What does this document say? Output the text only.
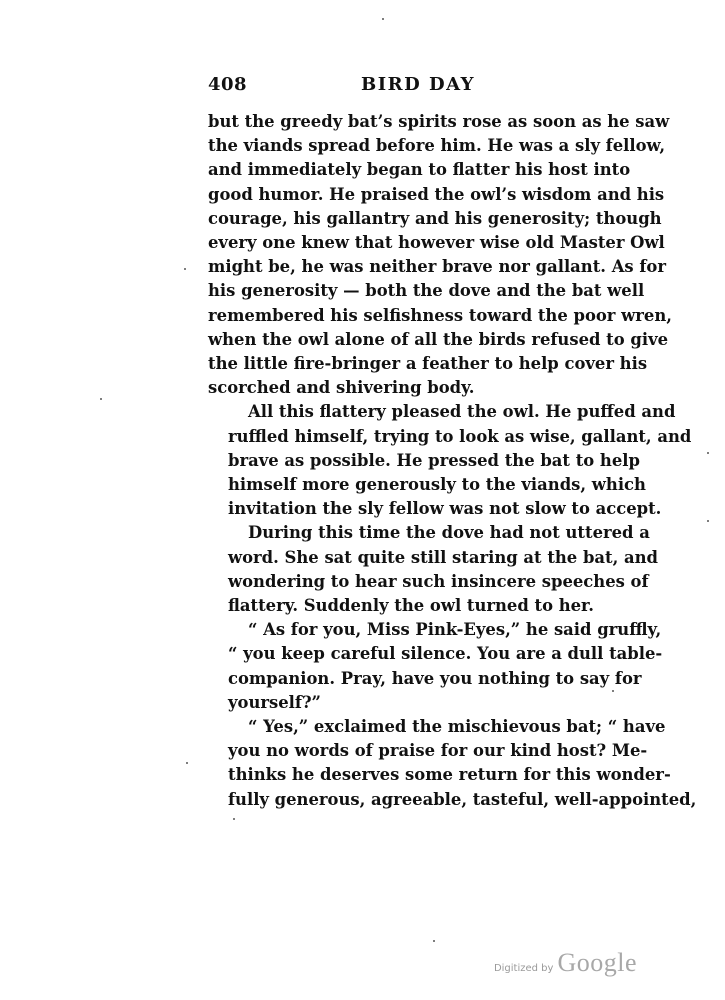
408	BIRD DAY
but the greedy bat’s spirits rose as soon as he saw
the viands spread before him. He was a sly fellow,
and immediately began to flatter his host into
good humor. He praised the owl’s wisdom and his
courage, his gallantry and his generosity; though
every one knew that however wise old Master Owl
might be, he was neither brave nor gallant. As for
his generosity — both the dove and the bat well
remembered his selfishness toward the poor wren,
when the owl alone of all the birds refused to give
the little fire-bringer a feather to help cover his
scorched and shivering body.
All this flattery pleased the owl. He puffed and
ruffled himself, trying to look as wise, gallant, and
brave as possible. He pressed the bat to help
himself more generously to the viands, which
invitation the sly fellow was not slow to accept.
During this time the dove had not uttered a
word. She sat quite still staring at the bat, and
wondering to hear such insincere speeches of
flattery. Suddenly the owl turned to her.
“ As for you, Miss Pink-Eyes,” he said gruffly,
“ you keep careful silence. You are a dull table-
companion. Pray, have you nothing to say for
yourself?”
“ Yes,” exclaimed the mischievous bat; “ have
you no words of praise for our kind host? Me-
thinks he deserves some return for this wonder-
fully generous, agreeable, tasteful, well-appointed,
Digitized by Google
